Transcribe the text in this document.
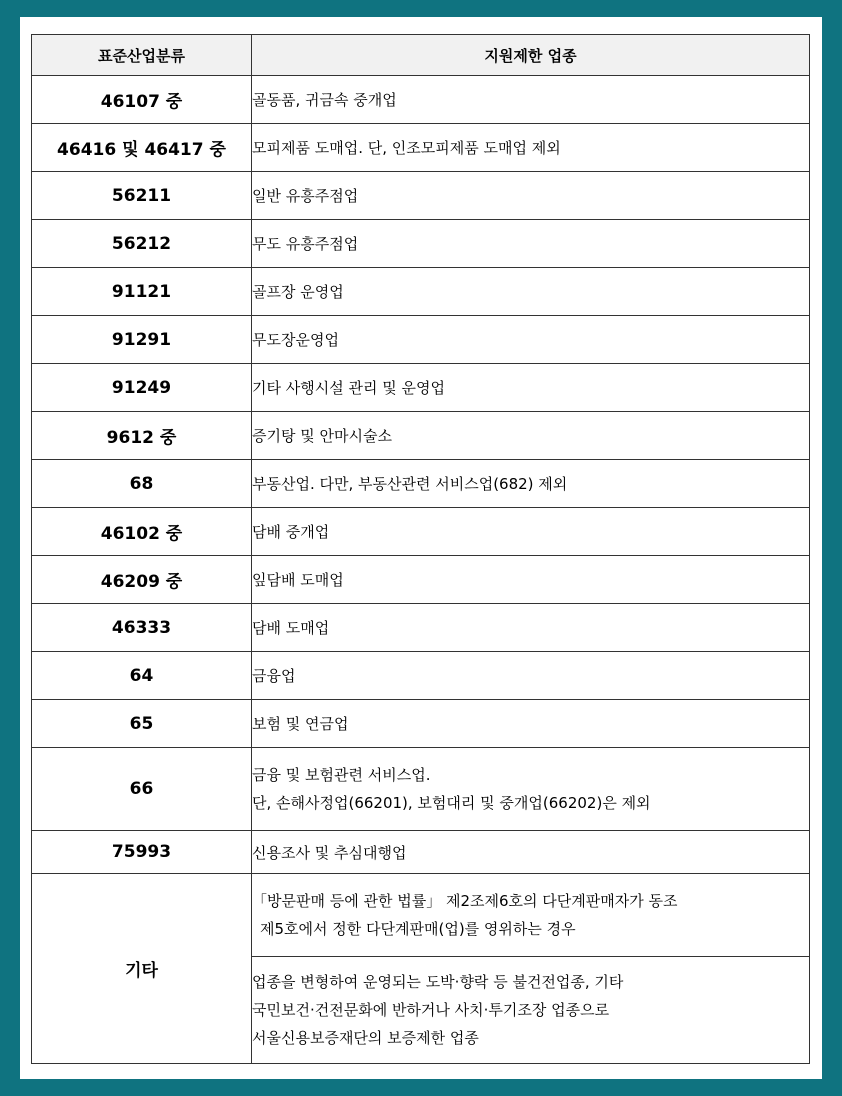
표준산업분류	지원제한 업종
46107 중	골동품, 귀금속 중개업
46416 및 46417 중	모피제품 도매업. 단, 인조모피제품 도매업 제외
56211	일반 유흥주점업
56212	무도 유흥주점업
91121	골프장 운영업
91291	무도장운영업
91249	기타 사행시설 관리 및 운영업
9612 중	증기탕 및 안마시술소
68	부동산업. 다만, 부동산관련 서비스업(682) 제외
46102 중	담배 중개업
46209 중	잎담배 도매업
46333	담배 도매업
64	금융업
65	보험 및 연금업
66	금융 및 보험관련 서비스업.
단, 손해사정업(66201), 보험대리 및 중개업(66202)은 제외

75993	신용조사 및 추심대행업
기타	「방문판매 등에 관한 법률」 제2조제6호의 다단계판매자가 동조
제5호에서 정한 다단계판매(업)를 영위하는 경우

	업종을 변형하여 운영되는 도박·향락 등 불건전업종, 기타
국민보건·건전문화에 반하거나 사치·투기조장 업종으로
서울신용보증재단의 보증제한 업종
